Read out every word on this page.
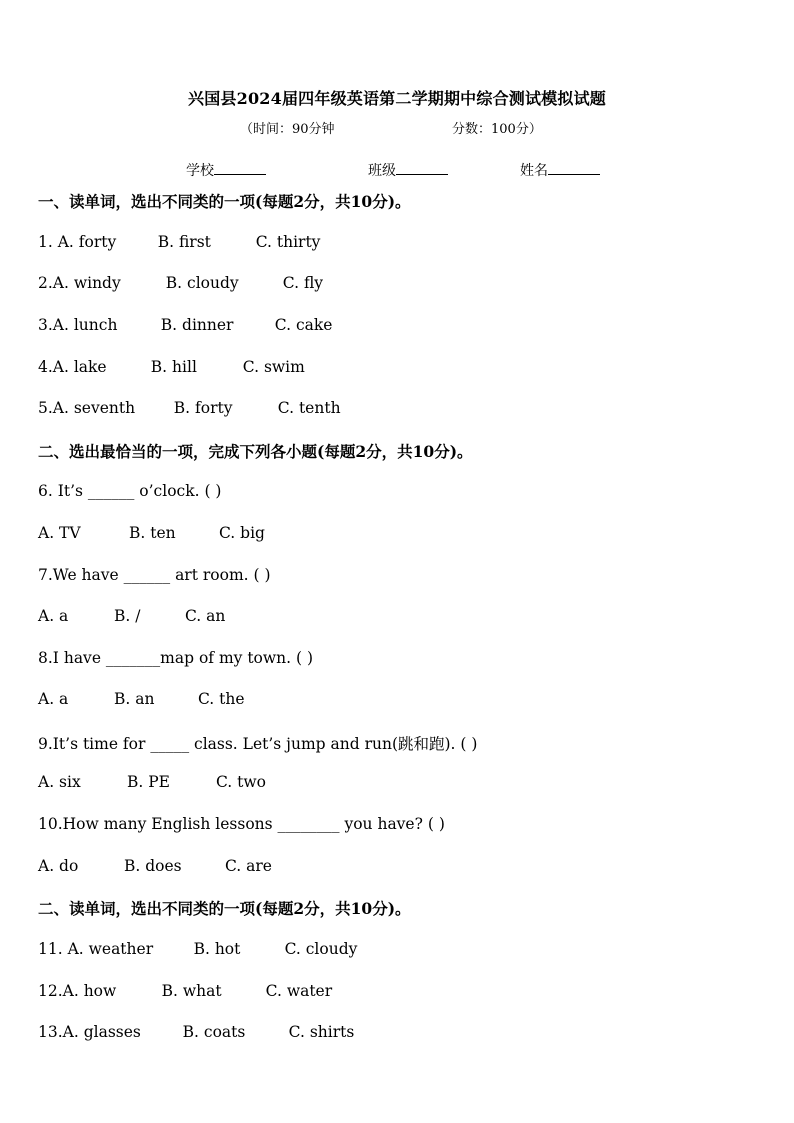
兴国县2024届四年级英语第二学期期中综合测试模拟试题
（时间：90分钟	分数：100分）
学校	班级	姓名
一、读单词，选出不同类的一项(每题2分，共10分)。
1. A. forty	B. first	C. thirty
2.A. windy	B. cloudy	C. fly
3.A. lunch	B. dinner	C. cake
4.A. lake	B. hill	C. swim
5.A. seventh B. forty	C. tenth
二、选出最恰当的一项，完成下列各小题(每题2分，共10分)。
6. It’s ______ o’clock. ( )
A. TV	B. ten	C. big
7.We have ______ art room. ( )
A. a	B. /	C. an
8.I have _______map of my town. ( )
A. a	B. an	C. the
9.It’s time for _____ class. Let’s jump and run(跳和跑). ( )
A. six	B. PE	C. two
10.How many English lessons ________ you have? ( )
A. do	B. does	C. are
二、读单词，选出不同类的一项(每题2分，共10分)。
11. A. weather	B. hot	C. cloudy
12.A. how	B. what	C. water
13.A. glasses	B. coats	C. shirts
